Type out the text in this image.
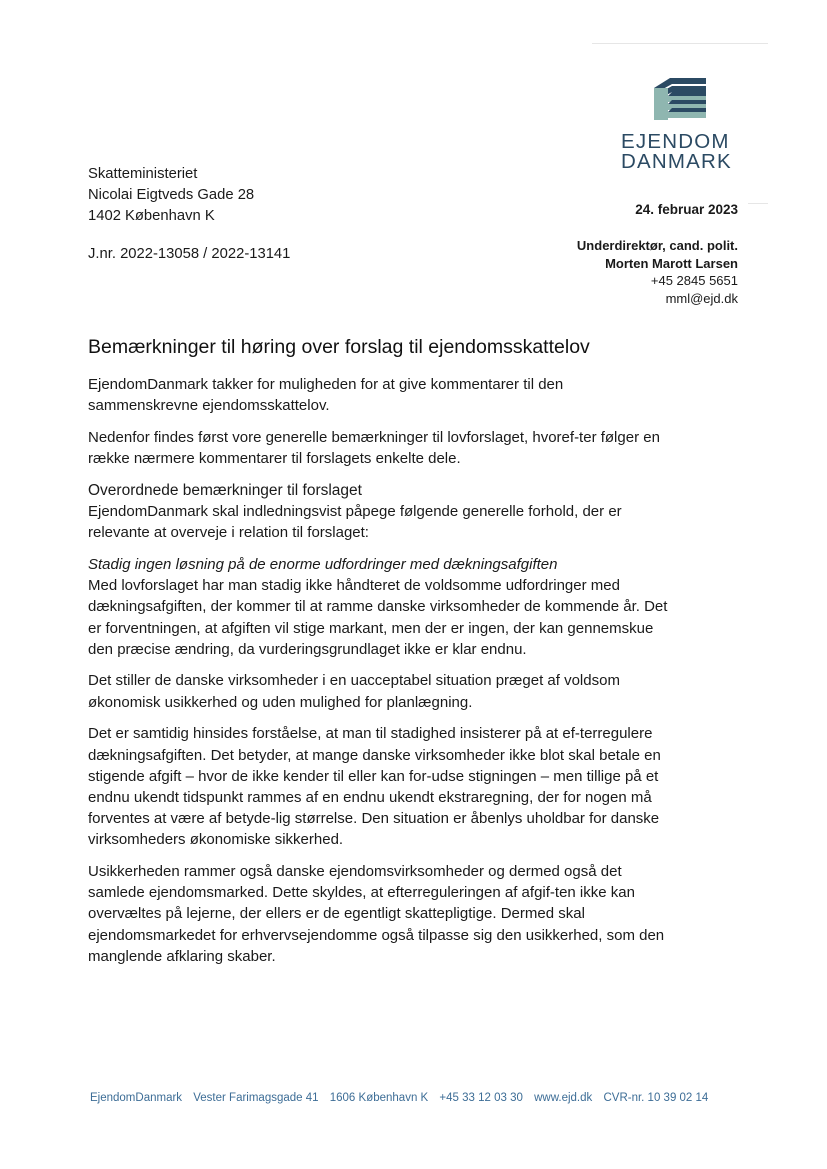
EJENDOM
DANMARK
Skatteministeriet
Nicolai Eigtveds Gade 28
1402 København K
J.nr. 2022-13058 / 2022-13141
24. februar 2023
Underdirektør, cand. polit.
Morten Marott Larsen
+45 2845 5651
mml@ejd.dk
Bemærkninger til høring over forslag til ejendomsskattelov

EjendomDanmark takker for muligheden for at give kommentarer til den sammenskrevne ejendomsskattelov.

Nedenfor findes først vore generelle bemærkninger til lovforslaget, hvoref-ter følger en række nærmere kommentarer til forslagets enkelte dele.

Overordnede bemærkninger til forslaget
EjendomDanmark skal indledningsvist påpege følgende generelle forhold, der er relevante at overveje i relation til forslaget:

Stadig ingen løsning på de enorme udfordringer med dækningsafgiften
Med lovforslaget har man stadig ikke håndteret de voldsomme udfordringer med dækningsafgiften, der kommer til at ramme danske virksomheder de kommende år. Det er forventningen, at afgiften vil stige markant, men der er ingen, der kan gennemskue den præcise ændring, da vurderingsgrundlaget ikke er klar endnu.

Det stiller de danske virksomheder i en uacceptabel situation præget af voldsom økonomisk usikkerhed og uden mulighed for planlægning.

Det er samtidig hinsides forståelse, at man til stadighed insisterer på at ef-terregulere dækningsafgiften. Det betyder, at mange danske virksomheder ikke blot skal betale en stigende afgift – hvor de ikke kender til eller kan for-udse stigningen – men tillige på et endnu ukendt tidspunkt rammes af en endnu ukendt ekstraregning, der for nogen må forventes at være af betyde-lig størrelse. Den situation er åbenlys uholdbar for danske virksomheders økonomiske sikkerhed.

Usikkerheden rammer også danske ejendomsvirksomheder og dermed også det samlede ejendomsmarked. Dette skyldes, at efterreguleringen af afgif-ten ikke kan overvæltes på lejerne, der ellers er de egentligt skattepligtige. Dermed skal ejendomsmarkedet for erhvervsejendomme også tilpasse sig den usikkerhed, som den manglende afklaring skaber.

EjendomDanmark Vester Farimagsgade 41 1606 København K +45 33 12 03 30 www.ejd.dk CVR-nr. 10 39 02 14
